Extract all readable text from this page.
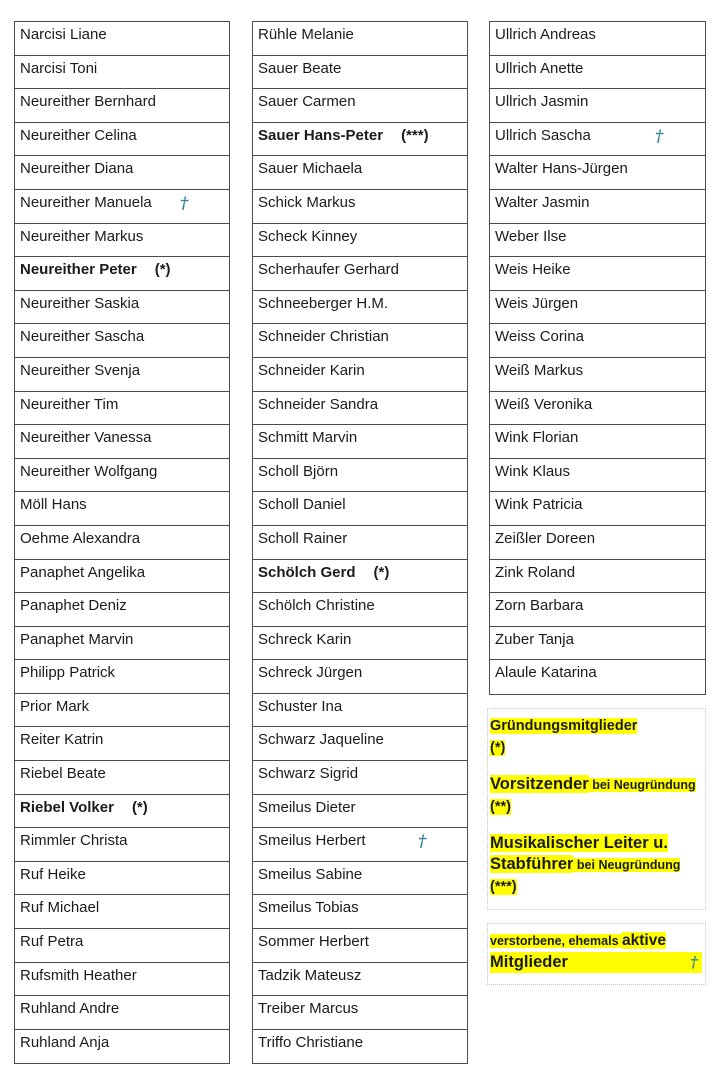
Narcisi Liane
Narcisi Toni
Neureither Bernhard
Neureither Celina
Neureither Diana
Neureither Manuela †
Neureither Markus
Neureither Peter (*)
Neureither Saskia
Neureither Sascha
Neureither Svenja
Neureither Tim
Neureither Vanessa
Neureither Wolfgang
Möll Hans
Oehme Alexandra
Panaphet Angelika
Panaphet Deniz
Panaphet Marvin
Philipp Patrick
Prior Mark
Reiter Katrin
Riebel Beate
Riebel Volker (*)
Rimmler Christa
Ruf Heike
Ruf Michael
Ruf Petra
Rufsmith Heather
Ruhland Andre
Ruhland Anja
Rühle Melanie
Sauer Beate
Sauer Carmen
Sauer Hans-Peter (***)
Sauer Michaela
Schick Markus
Scheck Kinney
Scherhaufer Gerhard
Schneeberger H.M.
Schneider Christian
Schneider Karin
Schneider Sandra
Schmitt Marvin
Scholl Björn
Scholl Daniel
Scholl Rainer
Schölch Gerd (*)
Schölch Christine
Schreck Karin
Schreck Jürgen
Schuster Ina
Schwarz Jaqueline
Schwarz Sigrid
Smeilus Dieter
Smeilus Herbert	†
Smeilus Sabine
Smeilus Tobias
Sommer Herbert
Tadzik Mateusz
Treiber Marcus
Triffo Christiane
Ullrich Andreas
Ullrich Anette
Ullrich Jasmin
Ullrich Sascha	†
Walter Hans-Jürgen
Walter Jasmin
Weber Ilse
Weis Heike
Weis Jürgen
Weiss Corina
Weiß Markus
Weiß Veronika
Wink Florian
Wink Klaus
Wink Patricia
Zeißler Doreen
Zink Roland
Zorn Barbara
Zuber Tanja
Alaule Katarina
Gründungsmitglieder
(*)
Vorsitzender bei Neugründung (**)
Musikalischer Leiter u.
Stabführer bei Neugründung
(***)
verstorbene, ehemals aktive
Mitglieder	†
